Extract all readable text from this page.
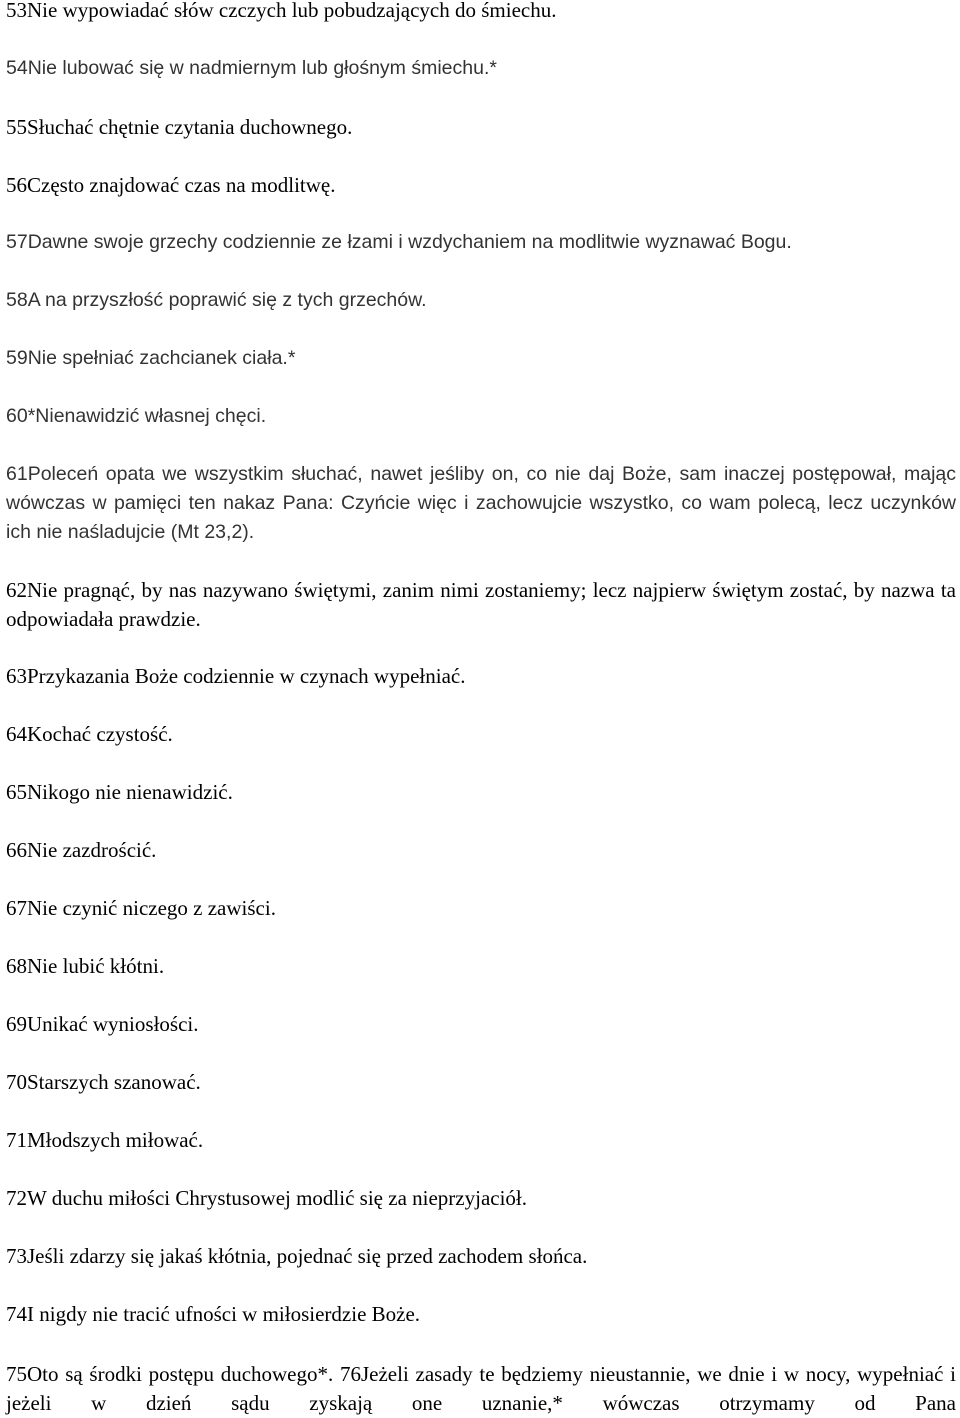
53Nie wypowiadać słów czczych lub pobudzających do śmiechu.

54Nie lubować się w nadmiernym lub głośnym śmiechu.*

55Słuchać chętnie czytania duchownego.

56Często znajdować czas na modlitwę.

57Dawne swoje grzechy codziennie ze łzami i wzdychaniem na modlitwie wyznawać Bogu.

58A na przyszłość poprawić się z tych grzechów.

59Nie spełniać zachcianek ciała.*

60*Nienawidzić własnej chęci.

61Poleceń opata we wszystkim słuchać, nawet jeśliby on, co nie daj Boże, sam inaczej postępował, mając wówczas w pamięci ten nakaz Pana: Czyńcie więc i zachowujcie wszystko, co wam polecą, lecz uczynków ich nie naśladujcie (Mt 23,2).

62Nie pragnąć, by nas nazywano świętymi, zanim nimi zostaniemy; lecz najpierw świętym zostać, by nazwa ta odpowiadała prawdzie.

63Przykazania Boże codziennie w czynach wypełniać.

64Kochać czystość.

65Nikogo nie nienawidzić.

66Nie zazdrościć.

67Nie czynić niczego z zawiści.

68Nie lubić kłótni.

69Unikać wyniosłości.

70Starszych szanować.

71Młodszych miłować.

72W duchu miłości Chrystusowej modlić się za nieprzyjaciół.

73Jeśli zdarzy się jakaś kłótnia, pojednać się przed zachodem słońca.

74I nigdy nie tracić ufności w miłosierdzie Boże.

75Oto są środki postępu duchowego*. 76Jeżeli zasady te będziemy nieustannie, we dnie i w nocy, wypełniać i jeżeli w dzień sądu zyskają one uznanie,* wówczas otrzymamy od Pana
